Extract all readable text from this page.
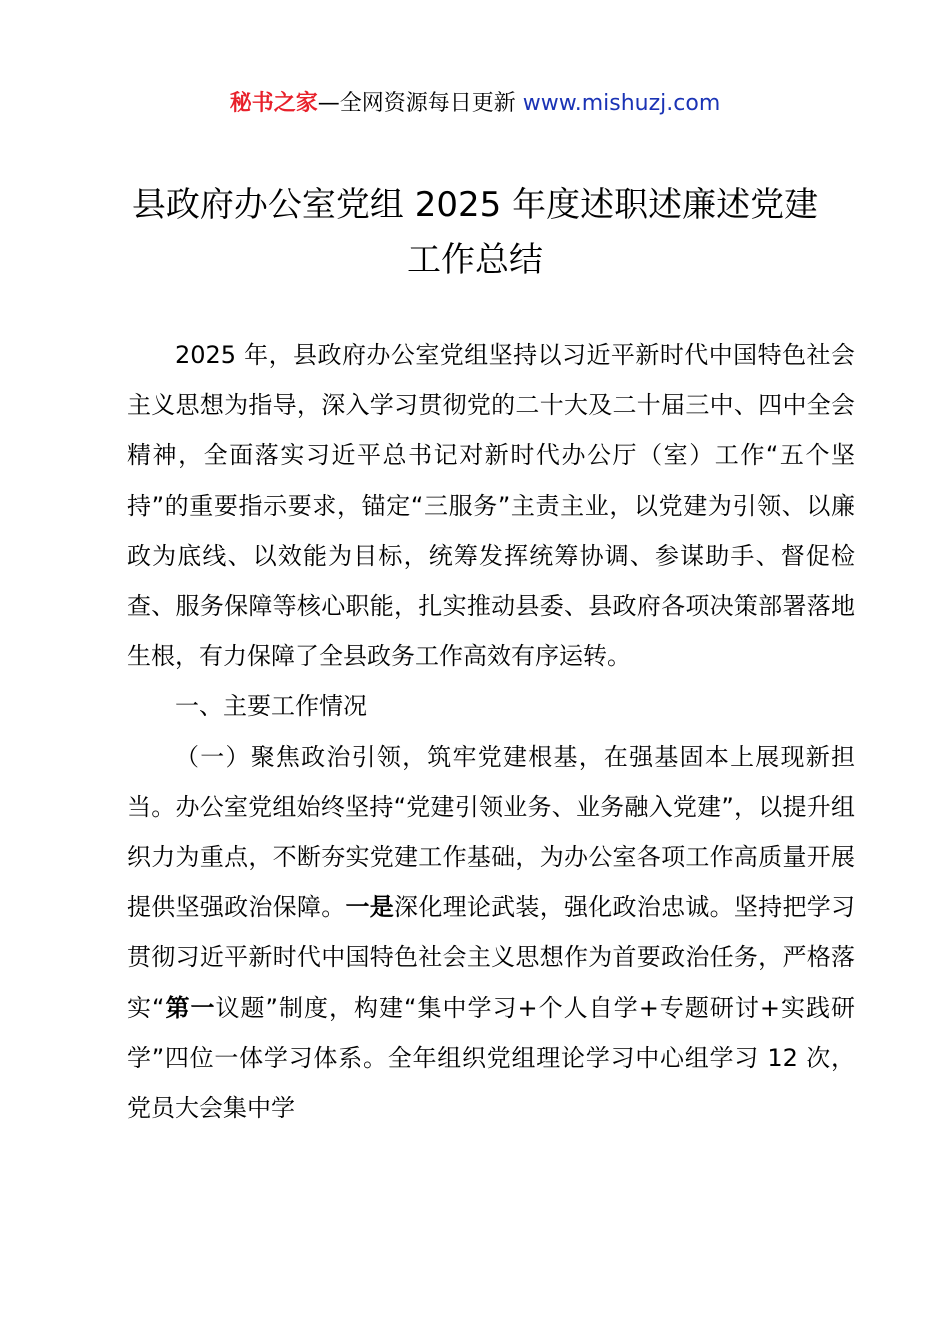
秘书之家—全网资源每日更新 www.mishuzj.com
县政府办公室党组 2025 年度述职述廉述党建
工作总结

2025 年，县政府办公室党组坚持以习近平新时代中国特色社会主义思想为指导，深入学习贯彻党的二十大及二十届三中、四中全会精神，全面落实习近平总书记对新时代办公厅（室）工作“五个坚持”的重要指示要求，锚定“三服务”主责主业，以党建为引领、以廉政为底线、以效能为目标，统筹发挥统筹协调、参谋助手、督促检查、服务保障等核心职能，扎实推动县委、县政府各项决策部署落地生根，有力保障了全县政务工作高效有序运转。

一、主要工作情况

（一）聚焦政治引领，筑牢党建根基，在强基固本上展现新担当。办公室党组始终坚持“党建引领业务、业务融入党建”，以提升组织力为重点，不断夯实党建工作基础，为办公室各项工作高质量开展提供坚强政治保障。一是深化理论武装，强化政治忠诚。坚持把学习贯彻习近平新时代中国特色社会主义思想作为首要政治任务，严格落实“第一议题”制度，构建“集中学习+个人自学+专题研讨+实践研学”四位一体学习体系。全年组织党组理论学习中心组学习 12 次，党员大会集中学
